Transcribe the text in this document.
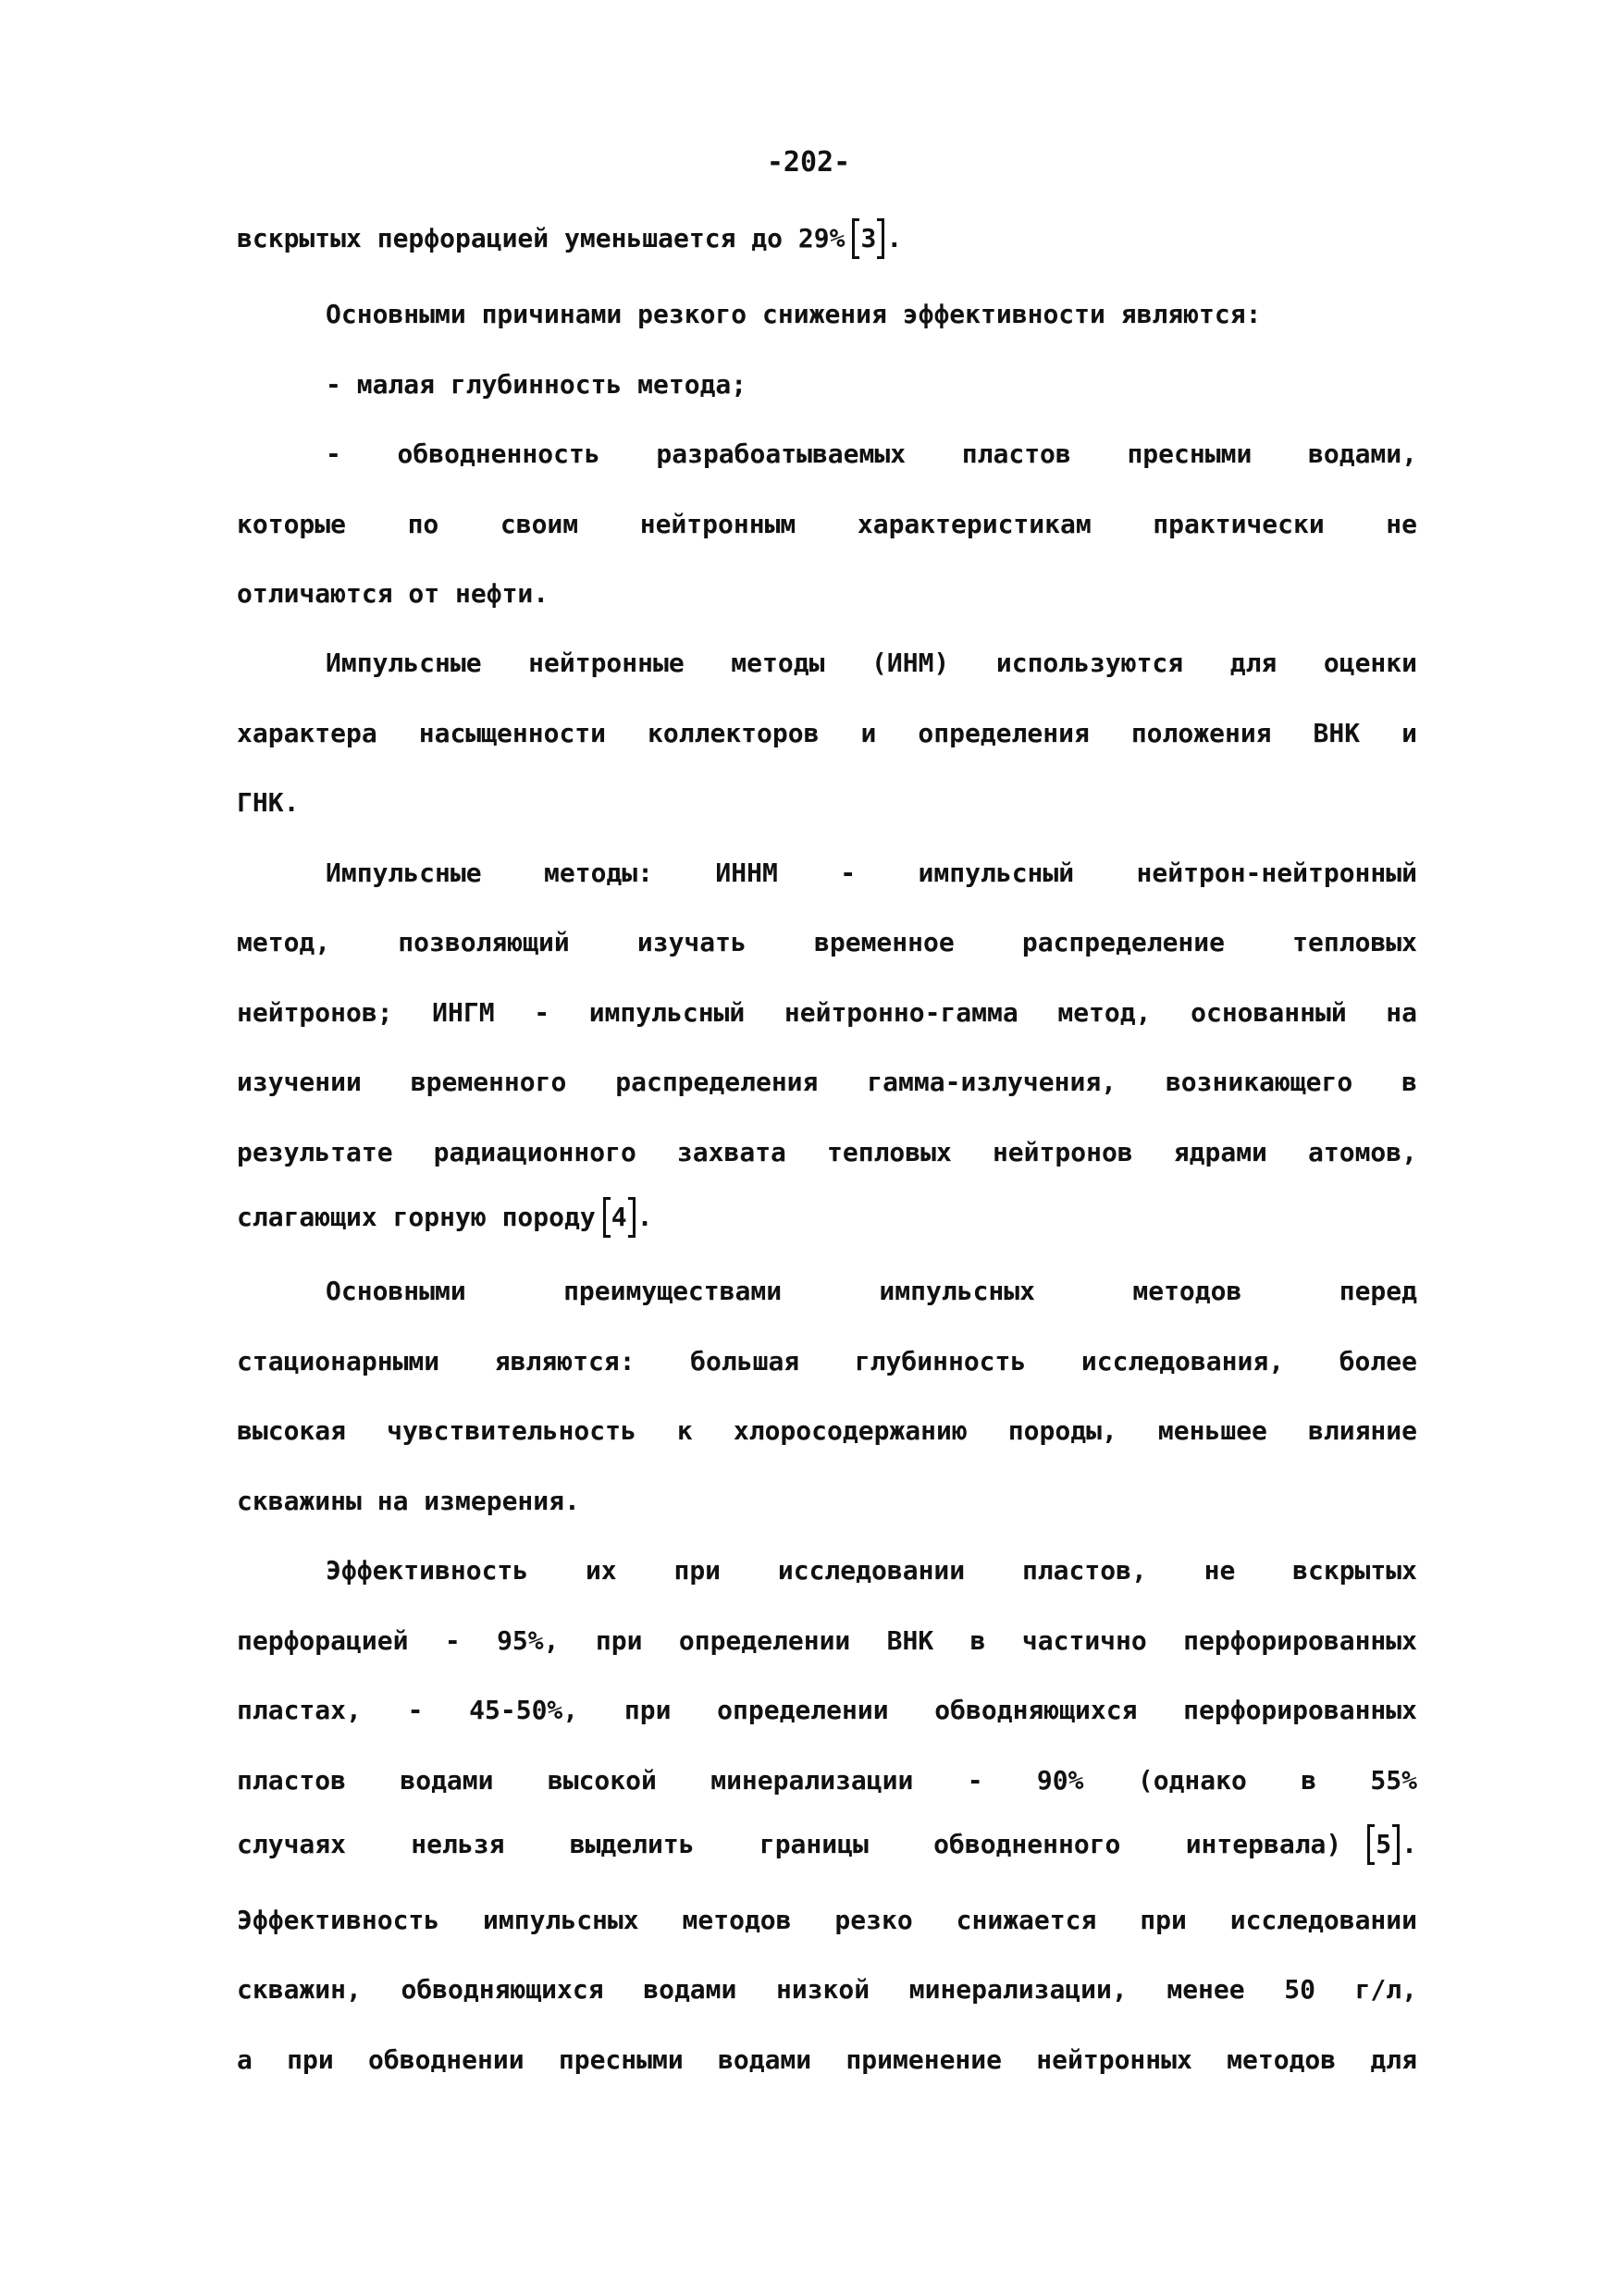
-202-
вскрытых перфорацией уменьшается до 29% 3 .
Основными причинами резкого снижения эффективности являются:
- малая глубинность метода;
- обводненность разрабоатываемых пластов пресными водами,
которые по своим нейтронным характеристикам практически не
отличаются от нефти.
Импульсные нейтронные методы (ИНМ) используются для оценки
характера насыщенности коллекторов и определения положения ВНК и
ГНК.
Импульсные методы: ИННМ - импульсный нейтрон-нейтронный
метод, позволяющий изучать временное распределение тепловых
нейтронов; ИНГМ - импульсный нейтронно-гамма метод, основанный на
изучении временного распределения гамма-излучения, возникающего в
результате радиационного захвата тепловых нейтронов ядрами атомов,
слагающих горную породу 4 .
Основными преимуществами импульсных методов перед
стационарными являются: большая глубинность исследования, более
высокая чувствительность к хлоросодержанию породы, меньшее влияние
скважины на измерения.
Эффективность их при исследовании пластов, не вскрытых
перфорацией - 95%, при определении ВНК в частично перфорированных
пластах, - 45-50%, при определении обводняющихся перфорированных
пластов водами высокой минерализации - 90% (однако в 55%
случаях нельзя выделить границы обводненного интервала)	5 .
Эффективность импульсных методов резко снижается при исследовании
скважин, обводняющихся водами низкой минерализации, менее 50 г/л,
а при обводнении пресными водами применение нейтронных методов для
